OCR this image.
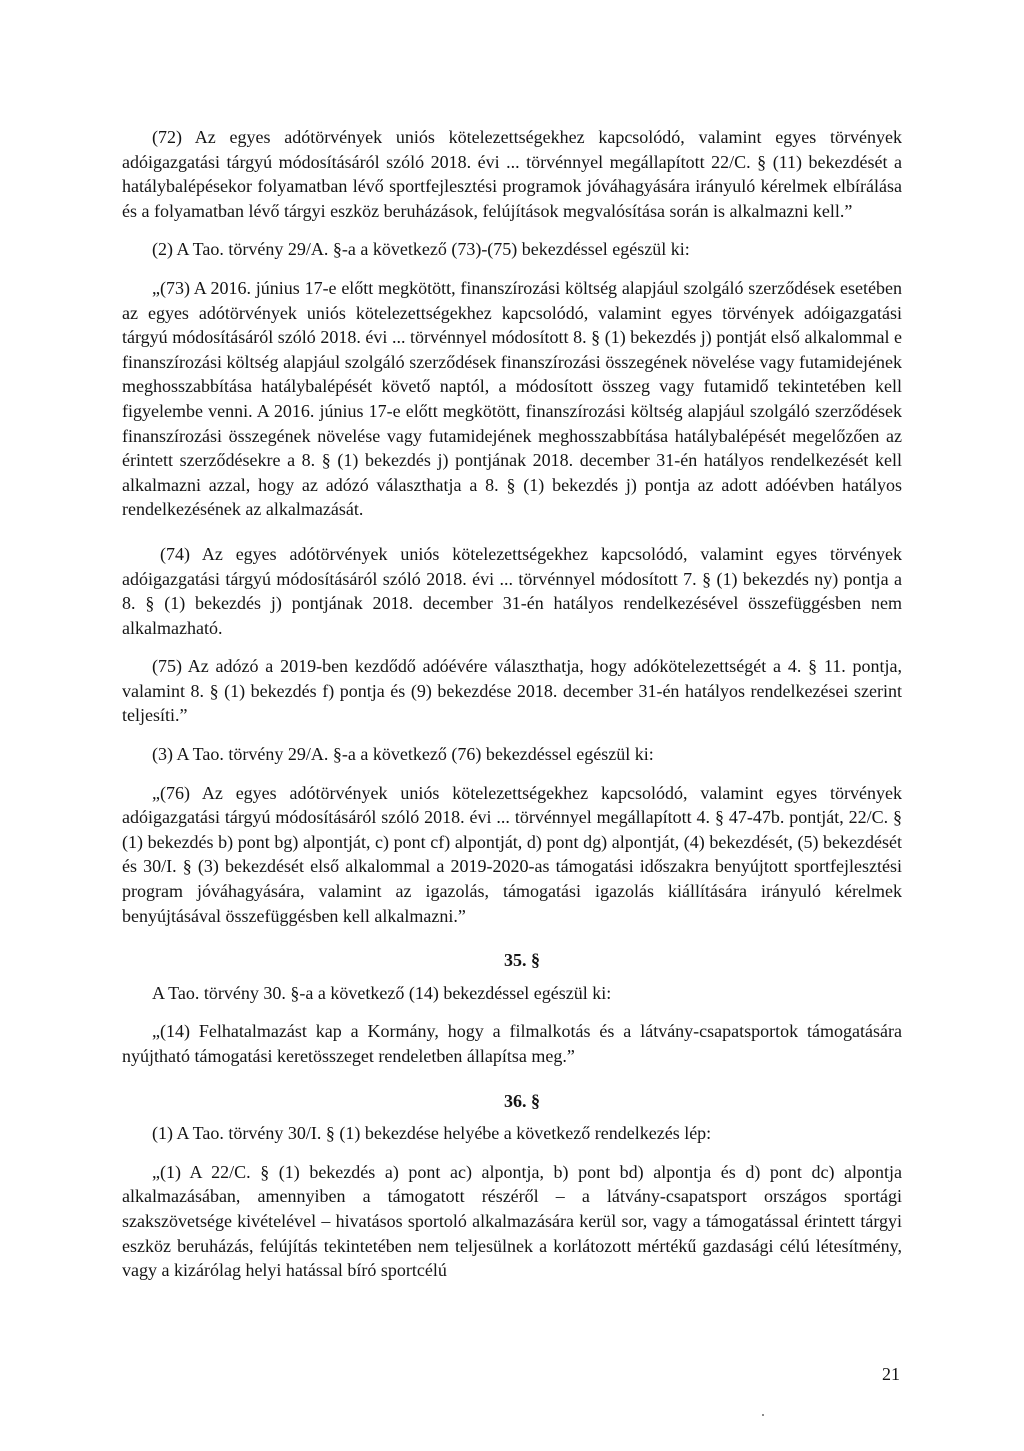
(72) Az egyes adótörvények uniós kötelezettségekhez kapcsolódó, valamint egyes törvények adóigazgatási tárgyú módosításáról szóló 2018. évi ... törvénnyel megállapított 22/C. § (11) bekezdését a hatálybalépésekor folyamatban lévő sportfejlesztési programok jóváhagyására irányuló kérelmek elbírálása és a folyamatban lévő tárgyi eszköz beruházások, felújítások megvalósítása során is alkalmazni kell.”

(2) A Tao. törvény 29/A. §-a a következő (73)-(75) bekezdéssel egészül ki:

„(73) A 2016. június 17-e előtt megkötött, finanszírozási költség alapjául szolgáló szerződések esetében az egyes adótörvények uniós kötelezettségekhez kapcsolódó, valamint egyes törvények adóigazgatási tárgyú módosításáról szóló 2018. évi ... törvénnyel módosított 8. § (1) bekezdés j) pontját első alkalommal e finanszírozási költség alapjául szolgáló szerződések finanszírozási összegének növelése vagy futamidejének meghosszabbítása hatálybalépését követő naptól, a módosított összeg vagy futamidő tekintetében kell figyelembe venni. A 2016. június 17-e előtt megkötött, finanszírozási költség alapjául szolgáló szerződések finanszírozási összegének növelése vagy futamidejének meghosszabbítása hatálybalépését megelőzően az érintett szerződésekre a 8. § (1) bekezdés j) pontjának 2018. december 31-én hatályos rendelkezését kell alkalmazni azzal, hogy az adózó választhatja a 8. § (1) bekezdés j) pontja az adott adóévben hatályos rendelkezésének az alkalmazását.

(74) Az egyes adótörvények uniós kötelezettségekhez kapcsolódó, valamint egyes törvények adóigazgatási tárgyú módosításáról szóló 2018. évi ... törvénnyel módosított 7. § (1) bekezdés ny) pontja a 8. § (1) bekezdés j) pontjának 2018. december 31-én hatályos rendelkezésével összefüggésben nem alkalmazható.

(75) Az adózó a 2019-ben kezdődő adóévére választhatja, hogy adókötelezettségét a 4. § 11. pontja, valamint 8. § (1) bekezdés f) pontja és (9) bekezdése 2018. december 31-én hatályos rendelkezései szerint teljesíti.”

(3) A Tao. törvény 29/A. §-a a következő (76) bekezdéssel egészül ki:

„(76) Az egyes adótörvények uniós kötelezettségekhez kapcsolódó, valamint egyes törvények adóigazgatási tárgyú módosításáról szóló 2018. évi ... törvénnyel megállapított 4. § 47-47b. pontját, 22/C. § (1) bekezdés b) pont bg) alpontját, c) pont cf) alpontját, d) pont dg) alpontját, (4) bekezdését, (5) bekezdését és 30/I. § (3) bekezdését első alkalommal a 2019-2020-as támogatási időszakra benyújtott sportfejlesztési program jóváhagyására, valamint az igazolás, támogatási igazolás kiállítására irányuló kérelmek benyújtásával összefüggésben kell alkalmazni.”

35. §

A Tao. törvény 30. §-a a következő (14) bekezdéssel egészül ki:

„(14) Felhatalmazást kap a Kormány, hogy a filmalkotás és a látvány-csapatsportok támogatására nyújtható támogatási keretösszeget rendeletben állapítsa meg.”

36. §

(1) A Tao. törvény 30/I. § (1) bekezdése helyébe a következő rendelkezés lép:

„(1) A 22/C. § (1) bekezdés a) pont ac) alpontja, b) pont bd) alpontja és d) pont dc) alpontja alkalmazásában, amennyiben a támogatott részéről – a látvány-csapatsport országos sportági szakszövetsége kivételével – hivatásos sportoló alkalmazására kerül sor, vagy a támogatással érintett tárgyi eszköz beruházás, felújítás tekintetében nem teljesülnek a korlátozott mértékű gazdasági célú létesítmény, vagy a kizárólag helyi hatással bíró sportcélú

21
